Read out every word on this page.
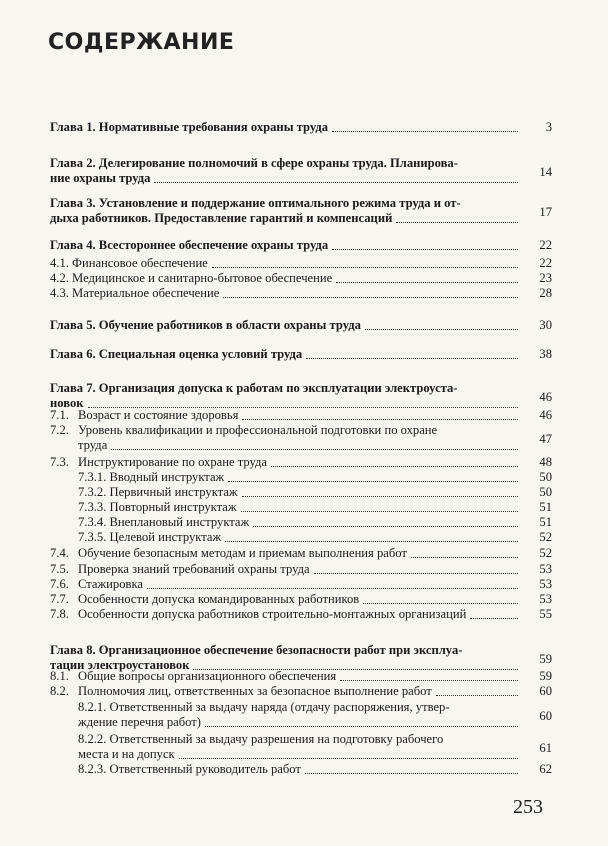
СОДЕРЖАНИЕ
Глава 1. Нормативные требования охраны труда	3
Глава 2. Делегирование полномочий в сфере охраны труда. Планирова-
ние охраны труда	14
Глава 3. Установление и поддержание оптимального режима труда и от-
дыха работников. Предоставление гарантий и компенсаций	17
Глава 4. Всестороннее обеспечение охраны труда	22
4.1. Финансовое обеспечение	22
4.2. Медицинское и санитарно-бытовое обеспечение	23
4.3. Материальное обеспечение	28
Глава 5. Обучение работников в области охраны труда	30
Глава 6. Специальная оценка условий труда	38
Глава 7. Организация допуска к работам по эксплуатации электроуста-
новок	46
7.1. Возраст и состояние здоровья	46
7.2. Уровень квалификации и профессиональной подготовки по охране
труда	47
7.3. Инструктирование по охране труда	48
7.3.1. Вводный инструктаж	50
7.3.2. Первичный инструктаж	50
7.3.3. Повторный инструктаж	51
7.3.4. Внеплановый инструктаж	51
7.3.5. Целевой инструктаж	52
7.4. Обучение безопасным методам и приемам выполнения работ	52
7.5. Проверка знаний требований охраны труда	53
7.6. Стажировка	53
7.7. Особенности допуска командированных работников	53
7.8. Особенности допуска работников строительно-монтажных организаций	55
Глава 8. Организационное обеспечение безопасности работ при эксплуа-
тации электроустановок	59
8.1. Общие вопросы организационного обеспечения	59
8.2. Полномочия лиц, ответственных за безопасное выполнение работ	60
8.2.1. Ответственный за выдачу наряда (отдачу распоряжения, утвер-
ждение перечня работ)	60
8.2.2. Ответственный за выдачу разрешения на подготовку рабочего
места и на допуск	61
8.2.3. Ответственный руководитель работ	62
253
